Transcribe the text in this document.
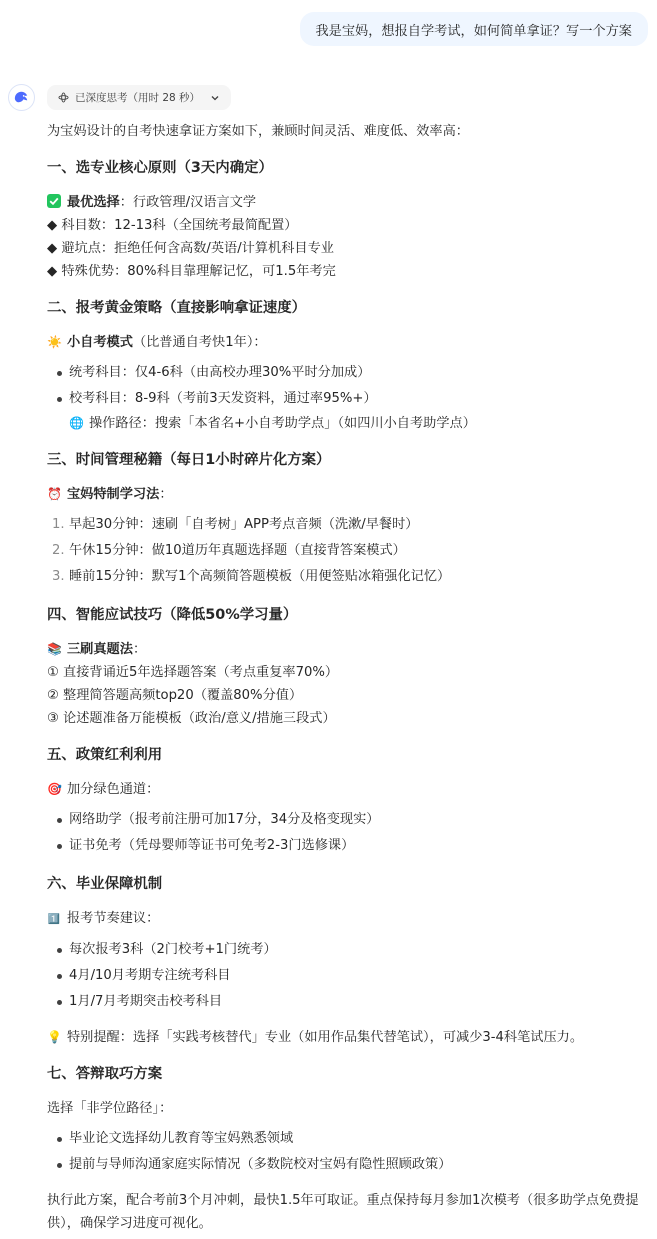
我是宝妈，想报自学考试，如何简单拿证？写一个方案
已深度思考（用时 28 秒）
为宝妈设计的自考快速拿证方案如下，兼顾时间灵活、难度低、效率高：
一、选专业核心原则（3天内确定）
最优选择：行政管理/汉语言文学
◆ 科目数：12-13科（全国统考最简配置）
◆ 避坑点：拒绝任何含高数/英语/计算机科目专业
◆ 特殊优势：80%科目靠理解记忆，可1.5年考完
二、报考黄金策略（直接影响拿证速度）
☀️ 小自考模式（比普通自考快1年）：
统考科目：仅4-6科（由高校办理30%平时分加成）
校考科目：8-9科（考前3天发资料，通过率95%+）
🌐 操作路径：搜索「本省名+小自考助学点」（如四川小自考助学点）
三、时间管理秘籍（每日1小时碎片化方案）
⏰ 宝妈特制学习法：
1. 早起30分钟：速刷「自考树」APP考点音频（洗漱/早餐时）
2. 午休15分钟：做10道历年真题选择题（直接背答案模式）
3. 睡前15分钟：默写1个高频简答题模板（用便签贴冰箱强化记忆）
四、智能应试技巧（降低50%学习量）
📚 三刷真题法：
① 直接背诵近5年选择题答案（考点重复率70%）
② 整理简答题高频top20（覆盖80%分值）
③ 论述题准备万能模板（政治/意义/措施三段式）
五、政策红利利用
🎯 加分绿色通道：
网络助学（报考前注册可加17分，34分及格变现实）
证书免考（凭母婴师等证书可免考2-3门选修课）
六、毕业保障机制
1️⃣ 报考节奏建议：
每次报考3科（2门校考+1门统考）
4月/10月考期专注统考科目
1月/7月考期突击校考科目
💡 特别提醒：选择「实践考核替代」专业（如用作品集代替笔试），可减少3-4科笔试压力。
七、答辩取巧方案
选择「非学位路径」：
毕业论文选择幼儿教育等宝妈熟悉领域
提前与导师沟通家庭实际情况（多数院校对宝妈有隐性照顾政策）
执行此方案，配合考前3个月冲刺，最快1.5年可取证。重点保持每月参加1次模考（很多助学点免费提
供），确保学习进度可视化。
